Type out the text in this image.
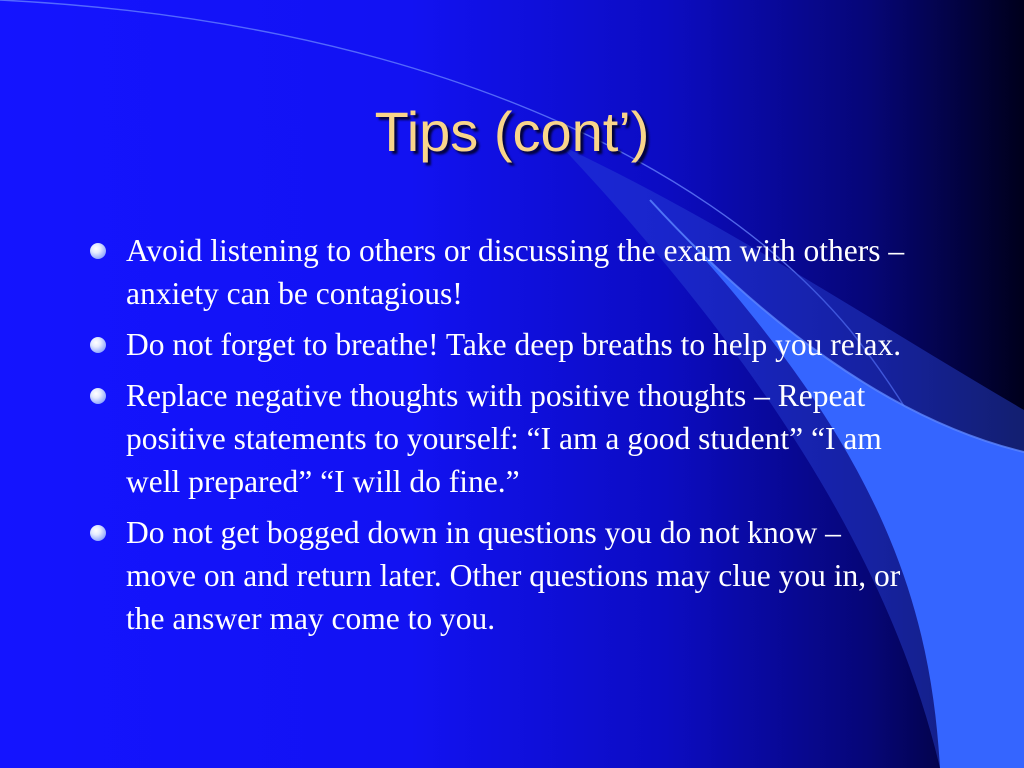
Tips (cont’)
Avoid listening to others or discussing the exam with others – anxiety can be contagious!
Do not forget to breathe! Take deep breaths to help you relax.
Replace negative thoughts with positive thoughts – Repeat positive statements to yourself: “I am a good student” “I am well prepared” “I will do fine.”
Do not get bogged down in questions you do not know – move on and return later. Other questions may clue you in, or the answer may come to you.
